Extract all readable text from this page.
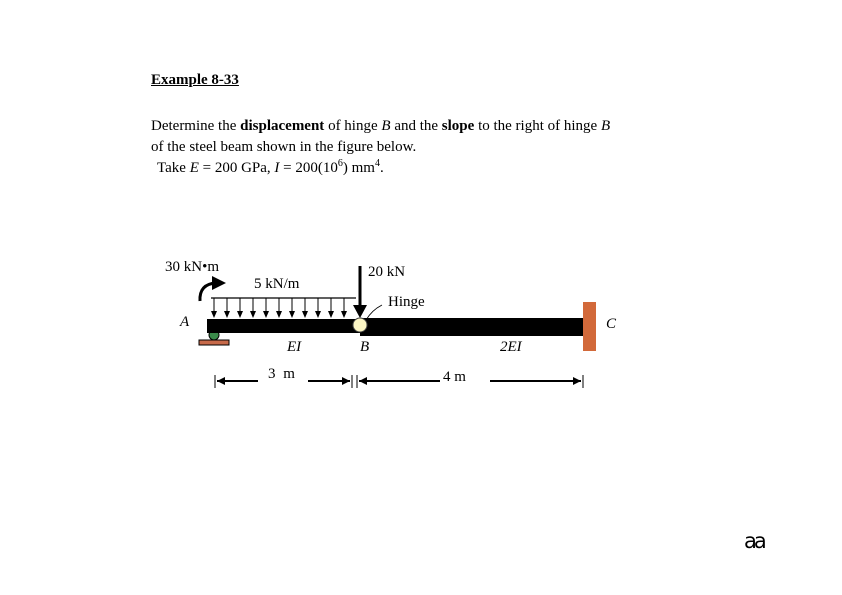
Example 8-33
Determine the displacement of hinge B and the slope to the right of hinge B
of the steel beam shown in the figure below.
Take E = 200 GPa, $I = 200(10^6)$ $mm^4$.
30 kN•m
5 kN/m
20 kN
Hinge
A
B
C
EI	2EI
3 m	4 m
aa
